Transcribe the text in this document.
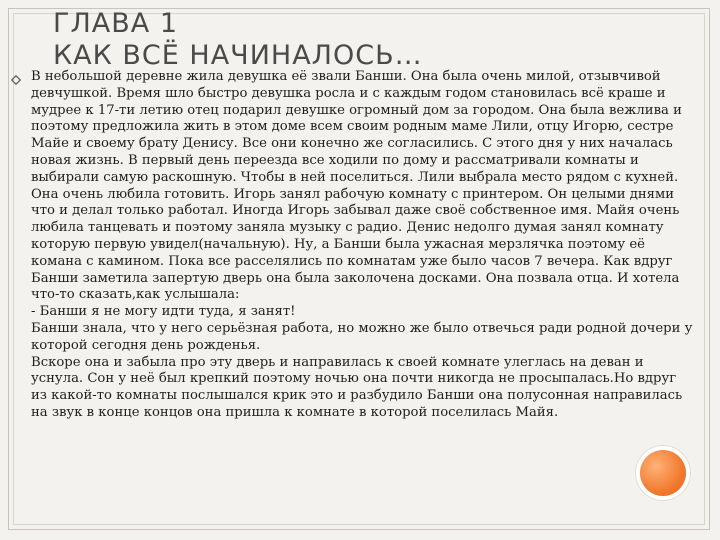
ГЛАВА 1
КАК ВСЁ НАЧИНАЛОСЬ…

В небольшой деревне жила девушка её звали Банши. Она была очень милой, отзывчивой девчушкой. Время шло быстро девушка росла и с каждым годом становилась всё краше и мудрее к 17-ти летию отец подарил девушке огромный дом за городом. Она была вежлива и поэтому предложила жить в этом доме всем своим родным маме Лили, отцу Игорю, сестре Майе и своему брату Денису. Все они конечно же согласились. С этого дня у них началась новая жизнь. В первый день переезда все ходили по дому и рассматривали комнаты и выбирали самую раскошную. Чтобы в ней поселиться. Лили выбрала место рядом с кухней. Она очень любила готовить. Игорь занял рабочую комнату с принтером. Он целыми днями что и делал только работал. Иногда Игорь забывал даже своё собственное имя. Майя очень любила танцевать и поэтому заняла музыку с радио. Денис недолго думая занял комнату которую первую увидел(начальную). Ну, а Банши была ужасная мерзлячка поэтому её комана с камином. Пока все расселялись по комнатам уже было часов 7 вечера. Как вдруг Банши заметила запертую дверь она была заколочена досками. Она позвала отца. И хотела что-то сказать,как услышала:

- Банши я не могу идти туда, я занят!

Банши знала, что у него серьёзная работа, но можно же было отвечься ради родной дочери у которой сегодня день рожденья.

Вскоре она и забыла про эту дверь и направилась к своей комнате улеглась на деван и уснула. Сон у неё был крепкий поэтому ночью она почти никогда не просыпалась.Но вдруг из какой-то комнаты послышался крик это и разбудило Банши она полусонная направилась на звук в конце концов она пришла к комнате в которой поселилась Майя.
